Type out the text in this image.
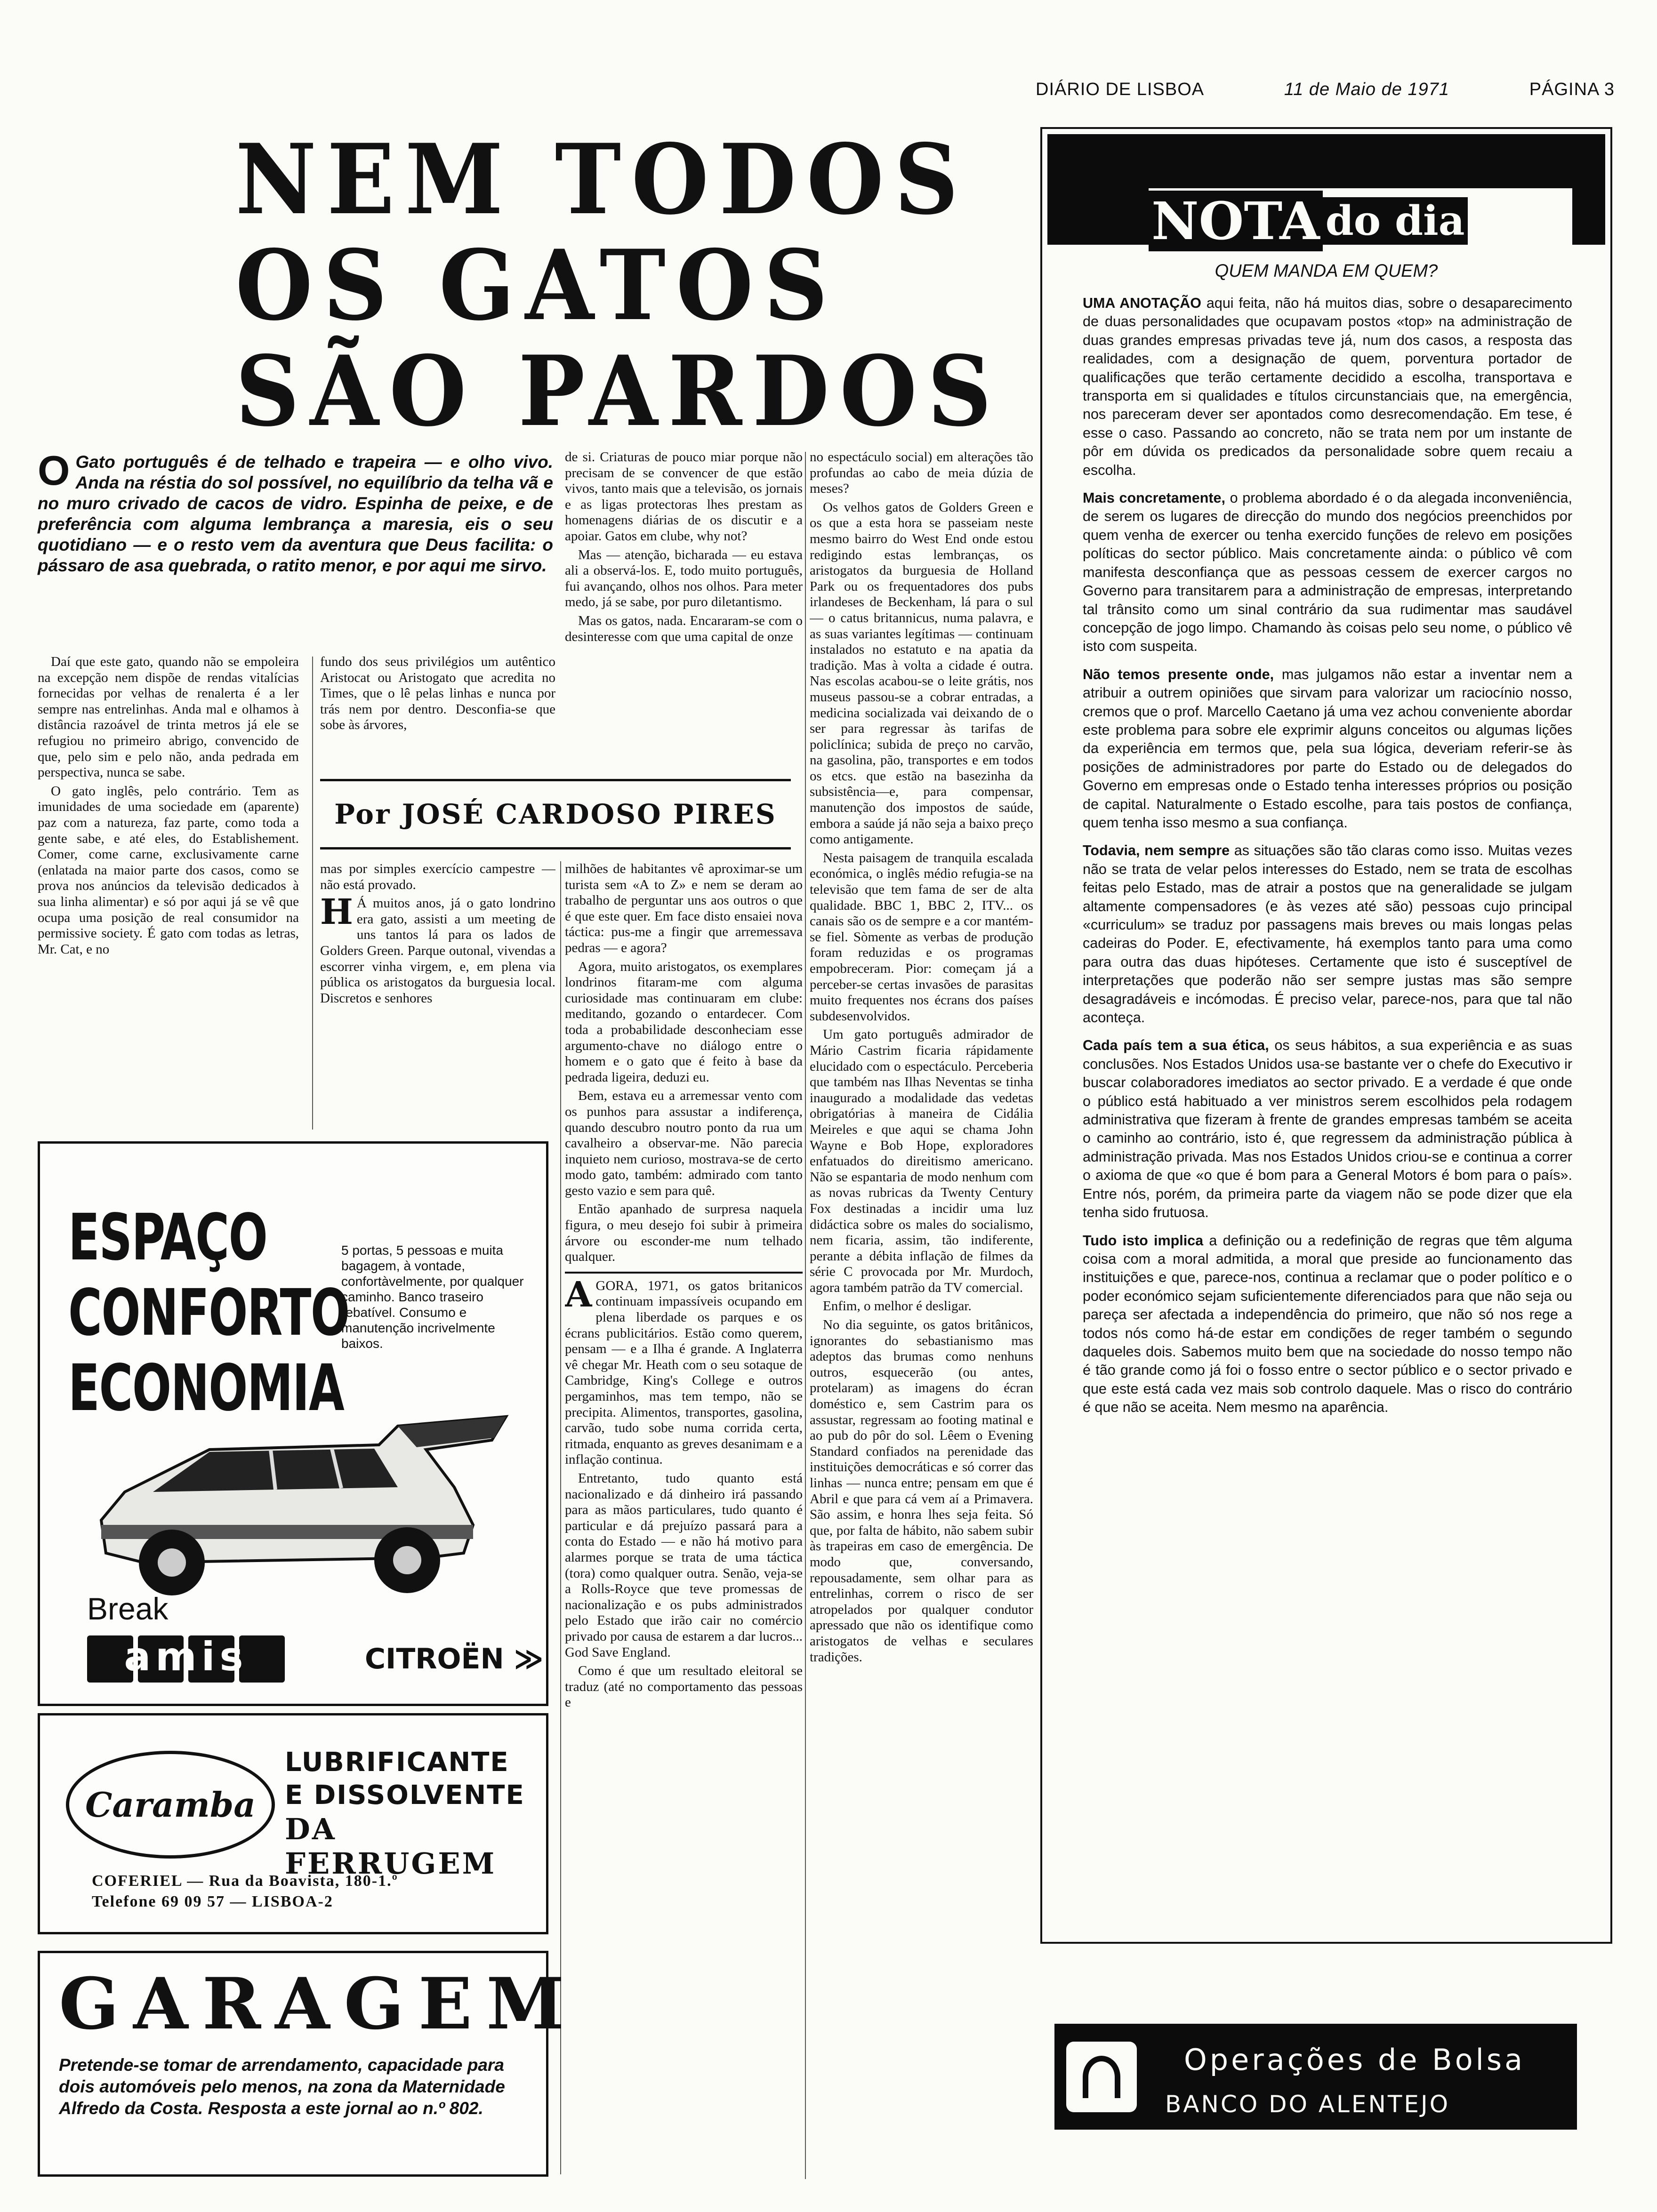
DIÁRIO DE LISBOA	11 de Maio de 1971	PÁGINA 3
NEM TODOS
OS GATOS
SÃO PARDOS
O Gato português é de telhado e trapeira — e olho vivo. Anda na réstia do sol possível, no equilíbrio da telha vã e no muro crivado de cacos de vidro. Espinha de peixe, e de preferência com alguma lembrança a maresia, eis o seu quotidiano — e o resto vem da aventura que Deus facilita: o pássaro de asa quebrada, o ratito menor, e por aqui me sirvo.

Daí que este gato, quando não se empoleira na excepção nem dispõe de rendas vitalícias fornecidas por velhas de renalerta é a ler sempre nas entrelinhas. Anda mal e olhamos à distância razoável de trinta metros já ele se refugiou no primeiro abrigo, convencido de que, pelo sim e pelo não, anda pedrada em perspectiva, nunca se sabe.

O gato inglês, pelo contrário. Tem as imunidades de uma sociedade em (aparente) paz com a natureza, faz parte, como toda a gente sabe, e até eles, do Establishement. Comer, come carne, exclusivamente carne (enlatada na maior parte dos casos, como se prova nos anúncios da televisão dedicados à sua linha alimentar) e só por aqui já se vê que ocupa uma posição de real consumidor na permissive society. É gato com todas as letras, Mr. Cat, e no

fundo dos seus privilégios um autêntico Aristocat ou Aristogato que acredita no Times, que o lê pelas linhas e nunca por trás nem por dentro. Desconfia-se que sobe às árvores,

de si. Criaturas de pouco miar porque não precisam de se convencer de que estão vivos, tanto mais que a televisão, os jornais e as ligas protectoras lhes prestam as homenagens diárias de os discutir e a apoiar. Gatos em clube, why not?

Mas — atenção, bicharada — eu estava ali a observá-los. E, todo muito português, fui avançando, olhos nos olhos. Para meter medo, já se sabe, por puro diletantismo.

Mas os gatos, nada. Encararam-se com o desinteresse com que uma capital de onze

Por JOSÉ CARDOSO PIRES

mas por simples exercício campestre — não está provado.

H Á muitos anos, já o gato londrino era gato, assisti a um meeting de uns tantos lá para os lados de Golders Green. Parque outonal, vivendas a escorrer vinha virgem, e, em plena via pública os aristogatos da burguesia local. Discretos e senhores

milhões de habitantes vê aproximar-se um turista sem «A to Z» e nem se deram ao trabalho de perguntar uns aos outros o que é que este quer. Em face disto ensaiei nova táctica: pus-me a fingir que arremessava pedras — e agora?

Agora, muito aristogatos, os exemplares londrinos fitaram-me com alguma curiosidade mas continuaram em clube: meditando, gozando o entardecer. Com toda a probabilidade desconheciam esse argumento-chave no diálogo entre o homem e o gato que é feito à base da pedrada ligeira, deduzi eu.

Bem, estava eu a arremessar vento com os punhos para assustar a indiferença, quando descubro noutro ponto da rua um cavalheiro a observar-me. Não parecia inquieto nem curioso, mostrava-se de certo modo gato, também: admirado com tanto gesto vazio e sem para quê.

Então apanhado de surpresa naquela figura, o meu desejo foi subir à primeira árvore ou esconder-me num telhado qualquer.

A GORA, 1971, os gatos britanicos continuam impassíveis ocupando em plena liberdade os parques e os écrans publicitários. Estão como querem, pensam — e a Ilha é grande. A Inglaterra vê chegar Mr. Heath com o seu sotaque de Cambridge, King's College e outros pergaminhos, mas tem tempo, não se precipita. Alimentos, transportes, gasolina, carvão, tudo sobe numa corrida certa, ritmada, enquanto as greves desanimam e a inflação continua.

Entretanto, tudo quanto está nacionalizado e dá dinheiro irá passando para as mãos particulares, tudo quanto é particular e dá prejuízo passará para a conta do Estado — e não há motivo para alarmes porque se trata de uma táctica (tora) como qualquer outra. Senão, veja-se a Rolls-Royce que teve promessas de nacionalização e os pubs administrados pelo Estado que irão cair no comércio privado por causa de estarem a dar lucros... God Save England.

Como é que um resultado eleitoral se traduz (até no comportamento das pessoas e

no espectáculo social) em alterações tão profundas ao cabo de meia dúzia de meses?

Os velhos gatos de Golders Green e os que a esta hora se passeiam neste mesmo bairro do West End onde estou redigindo estas lembranças, os aristogatos da burguesia de Holland Park ou os frequentadores dos pubs irlandeses de Beckenham, lá para o sul — o catus britannicus, numa palavra, e as suas variantes legítimas — continuam instalados no estatuto e na apatia da tradição. Mas à volta a cidade é outra. Nas escolas acabou-se o leite grátis, nos museus passou-se a cobrar entradas, a medicina socializada vai deixando de o ser para regressar às tarifas de policlínica; subida de preço no carvão, na gasolina, pão, transportes e em todos os etcs. que estão na basezinha da subsistência—e, para compensar, manutenção dos impostos de saúde, embora a saúde já não seja a baixo preço como antigamente.

Nesta paisagem de tranquila escalada económica, o inglês médio refugia-se na televisão que tem fama de ser de alta qualidade. BBC 1, BBC 2, ITV... os canais são os de sempre e a cor mantém-se fiel. Sòmente as verbas de produção foram reduzidas e os programas empobreceram. Pior: começam já a perceber-se certas invasões de parasitas muito frequentes nos écrans dos países subdesenvolvidos.

Um gato português admirador de Mário Castrim ficaria rápidamente elucidado com o espectáculo. Perceberia que também nas Ilhas Neventas se tinha inaugurado a modalidade das vedetas obrigatórias à maneira de Cidália Meireles e que aqui se chama John Wayne e Bob Hope, exploradores enfatuados do direitismo americano. Não se espantaria de modo nenhum com as novas rubricas da Twenty Century Fox destinadas a incidir uma luz didáctica sobre os males do socialismo, nem ficaria, assim, tão indiferente, perante a débita inflação de filmes da série C provocada por Mr. Murdoch, agora também patrão da TV comercial.

Enfim, o melhor é desligar.

No dia seguinte, os gatos britânicos, ignorantes do sebastianismo mas adeptos das brumas como nenhuns outros, esquecerão (ou antes, protelaram) as imagens do écran doméstico e, sem Castrim para os assustar, regressam ao footing matinal e ao pub do pôr do sol. Lêem o Evening Standard confiados na perenidade das instituições democráticas e só correr das linhas — nunca entre; pensam em que é Abril e que para cá vem aí a Primavera. São assim, e honra lhes seja feita. Só que, por falta de hábito, não sabem subir às trapeiras em caso de emergência. De modo que, conversando, repousadamente, sem olhar para as entrelinhas, correm o risco de ser atropelados por qualquer condutor apressado que não os identifique como aristogatos de velhas e seculares tradições.

ESPAÇO
CONFORTO
ECONOMIA
5 portas, 5 pessoas e muita bagagem, à vontade, confortàvelmente, por qualquer caminho. Banco traseiro rebatível. Consumo e manutenção incrivelmente baixos.
Break
amis	CITROËN ≫
Caramba
LUBRIFICANTE
E DISSOLVENTE
DA FERRUGEM
COFERIEL — Rua da Boavista, 180-1.º
Telefone 69 09 57 — LISBOA-2
GARAGEM
Pretende-se tomar de arrendamento, capacidade para dois automóveis pelo menos, na zona da Maternidade Alfredo da Costa. Resposta a este jornal ao n.º 802.
NOTA do dia
QUEM MANDA EM QUEM?

UMA ANOTAÇÃO aqui feita, não há muitos dias, sobre o desaparecimento de duas personalidades que ocupavam postos «top» na administração de duas grandes empresas privadas teve já, num dos casos, a resposta das realidades, com a designação de quem, porventura portador de qualificações que terão certamente decidido a escolha, transportava e transporta em si qualidades e títulos circunstanciais que, na emergência, nos pareceram dever ser apontados como desrecomendação. Em tese, é esse o caso. Passando ao concreto, não se trata nem por um instante de pôr em dúvida os predicados da personalidade sobre quem recaiu a escolha.

Mais concretamente, o problema abordado é o da alegada inconveniência, de serem os lugares de direcção do mundo dos negócios preenchidos por quem venha de exercer ou tenha exercido funções de relevo em posições políticas do sector público. Mais concretamente ainda: o público vê com manifesta desconfiança que as pessoas cessem de exercer cargos no Governo para transitarem para a administração de empresas, interpretando tal trânsito como um sinal contrário da sua rudimentar mas saudável concepção de jogo limpo. Chamando às coisas pelo seu nome, o público vê isto com suspeita.

Não temos presente onde, mas julgamos não estar a inventar nem a atribuir a outrem opiniões que sirvam para valorizar um raciocínio nosso, cremos que o prof. Marcello Caetano já uma vez achou conveniente abordar este problema para sobre ele exprimir alguns conceitos ou algumas lições da experiência em termos que, pela sua lógica, deveriam referir-se às posições de administradores por parte do Estado ou de delegados do Governo em empresas onde o Estado tenha interesses próprios ou posição de capital. Naturalmente o Estado escolhe, para tais postos de confiança, quem tenha isso mesmo a sua confiança.

Todavia, nem sempre as situações são tão claras como isso. Muitas vezes não se trata de velar pelos interesses do Estado, nem se trata de escolhas feitas pelo Estado, mas de atrair a postos que na generalidade se julgam altamente compensadores (e às vezes até são) pessoas cujo principal «curriculum» se traduz por passagens mais breves ou mais longas pelas cadeiras do Poder. E, efectivamente, há exemplos tanto para uma como para outra das duas hipóteses. Certamente que isto é susceptível de interpretações que poderão não ser sempre justas mas são sempre desagradáveis e incómodas. É preciso velar, parece-nos, para que tal não aconteça.

Cada país tem a sua ética, os seus hábitos, a sua experiência e as suas conclusões. Nos Estados Unidos usa-se bastante ver o chefe do Executivo ir buscar colaboradores imediatos ao sector privado. E a verdade é que onde o público está habituado a ver ministros serem escolhidos pela rodagem administrativa que fizeram à frente de grandes empresas também se aceita o caminho ao contrário, isto é, que regressem da administração pública à administração privada. Mas nos Estados Unidos criou-se e continua a correr o axioma de que «o que é bom para a General Motors é bom para o país». Entre nós, porém, da primeira parte da viagem não se pode dizer que ela tenha sido frutuosa.

Tudo isto implica a definição ou a redefinição de regras que têm alguma coisa com a moral admitida, a moral que preside ao funcionamento das instituições e que, parece-nos, continua a reclamar que o poder político e o poder económico sejam suficientemente diferenciados para que não seja ou pareça ser afectada a independência do primeiro, que não só nos rege a todos nós como há-de estar em condições de reger também o segundo daqueles dois. Sabemos muito bem que na sociedade do nosso tempo não é tão grande como já foi o fosso entre o sector público e o sector privado e que este está cada vez mais sob controlo daquele. Mas o risco do contrário é que não se aceita. Nem mesmo na aparência.

Operações de Bolsa
BANCO DO ALENTEJO
